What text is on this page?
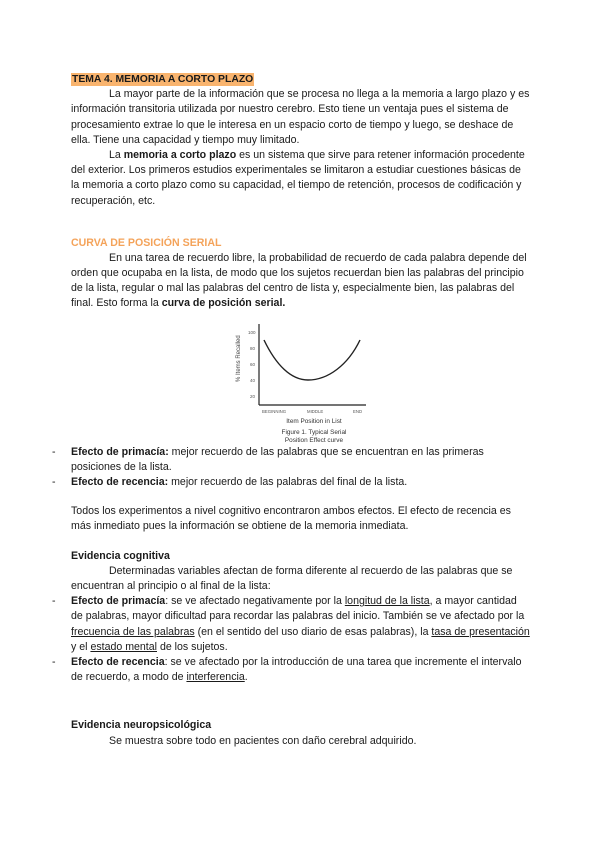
TEMA 4. MEMORIA A CORTO PLAZO

La mayor parte de la información que se procesa no llega a la memoria a largo plazo y es información transitoria utilizada por nuestro cerebro. Esto tiene un ventaja pues el sistema de procesamiento extrae lo que le interesa en un espacio corto de tiempo y luego, se deshace de ella. Tiene una capacidad y tiempo muy limitado.

La memoria a corto plazo es un sistema que sirve para retener información procedente del exterior. Los primeros estudios experimentales se limitaron a estudiar cuestiones básicas de la memoria a corto plazo como su capacidad, el tiempo de retención, procesos de codificación y recuperación, etc.

CURVA DE POSICIÓN SERIAL

En una tarea de recuerdo libre, la probabilidad de recuerdo de cada palabra depende del orden que ocupaba en la lista, de modo que los sujetos recuerdan bien las palabras del principio de la lista, regular o mal las palabras del centro de lista y, especialmente bien, las palabras del final. Esto forma la curva de posición serial.

100
80
60
40
20
% Items Recalled
BEGINNING	MIDDLE	END
Item Position in List
Figure 1. Typical Serial
Position Effect curve
- Efecto de primacía: mejor recuerdo de las palabras que se encuentran en las primeras posiciones de la lista.
- Efecto de recencia: mejor recuerdo de las palabras del final de la lista.

Todos los experimentos a nivel cognitivo encontraron ambos efectos. El efecto de recencia es más inmediato pues la información se obtiene de la memoria inmediata.

Evidencia cognitiva

Determinadas variables afectan de forma diferente al recuerdo de las palabras que se encuentran al principio o al final de la lista:

- Efecto de primacía: se ve afectado negativamente por la longitud de la lista, a mayor cantidad de palabras, mayor dificultad para recordar las palabras del inicio. También se ve afectado por la frecuencia de las palabras (en el sentido del uso diario de esas palabras), la tasa de presentación y el estado mental de los sujetos.
- Efecto de recencia: se ve afectado por la introducción de una tarea que incremente el intervalo de recuerdo, a modo de interferencia.

Evidencia neuropsicológica

Se muestra sobre todo en pacientes con daño cerebral adquirido.
